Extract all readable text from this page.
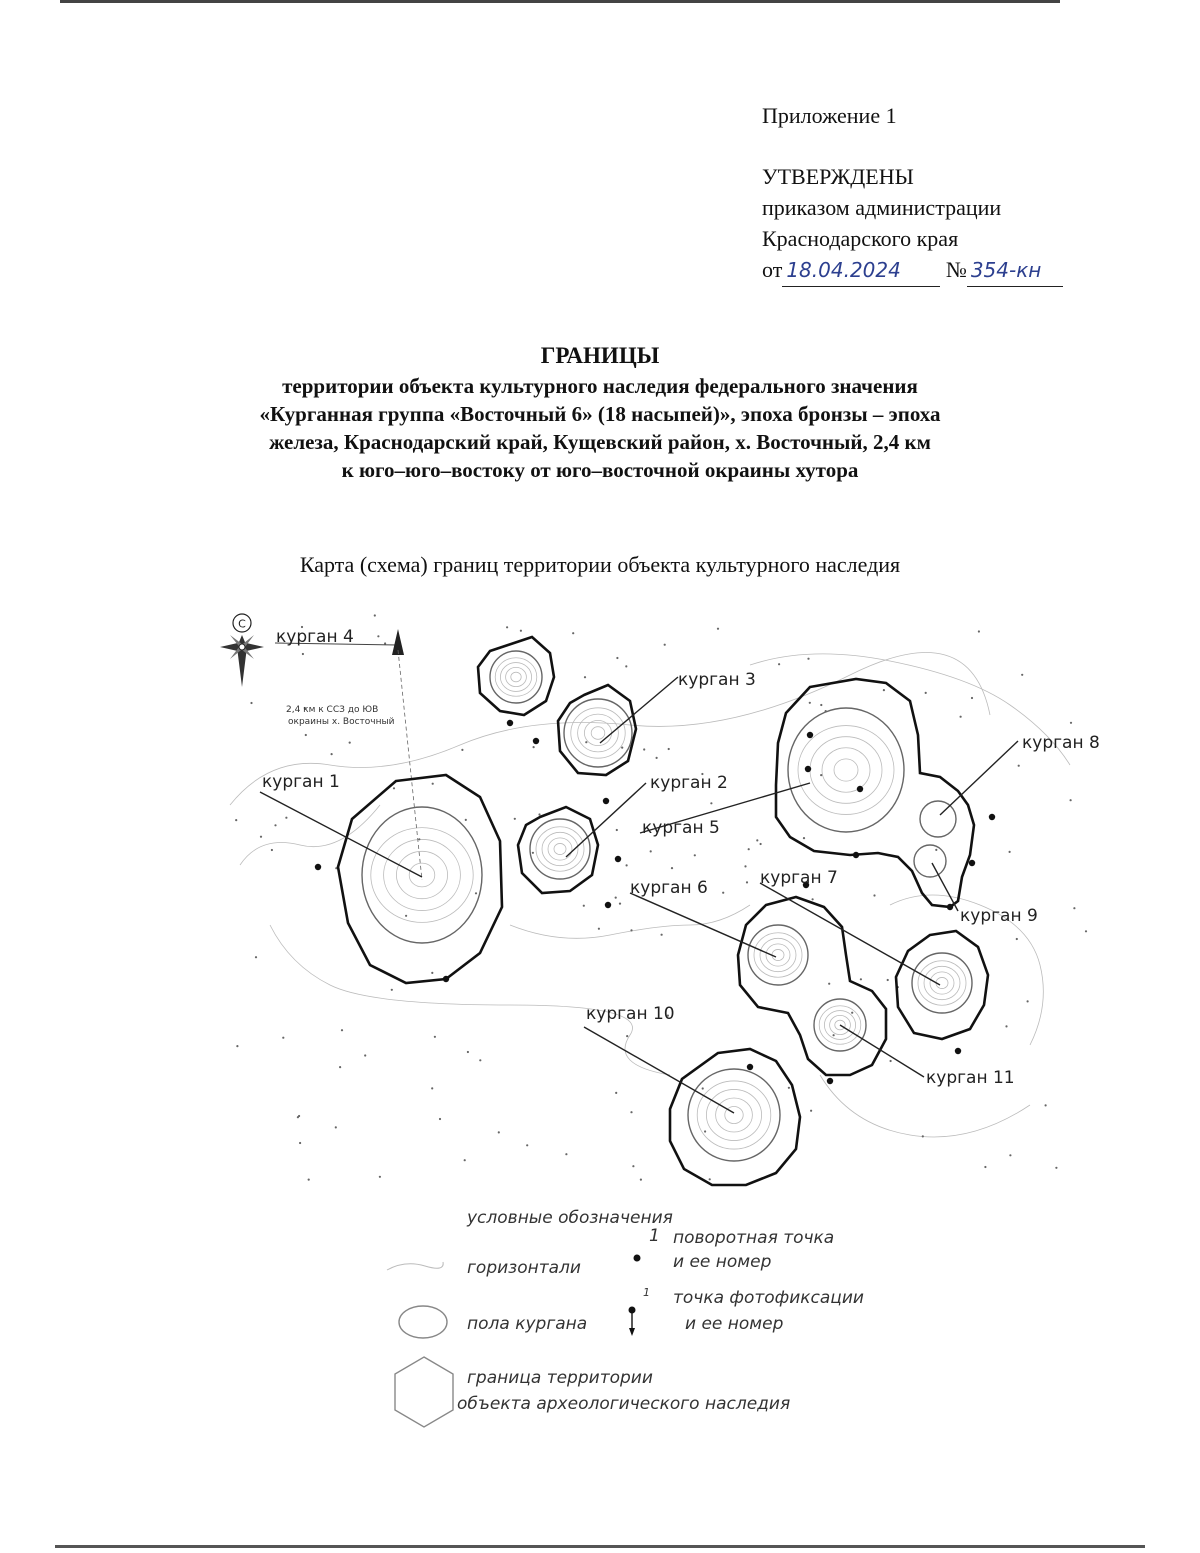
Приложение 1
УТВЕРЖДЕНЫ
приказом администрации
Краснодарского края
от 18.04.2024 № 354-кн
ГРАНИЦЫ
территории объекта культурного наследия федерального значения
«Курганная группа «Восточный 6» (18 насыпей)», эпоха бронзы – эпоха
железа, Краснодарский край, Кущевский район, х. Восточный, 2,4 км
к юго–юго–востоку от юго–восточной окраины хутора
Карта (схема) границ территории объекта культурного наследия
С
2,4 км к ССЗ до ЮВ
окраины х. Восточный
курган 4
курган 3
курган 1	курган 2
курган 8
курган 5
курган 6	курган 7
курган 9
курган 10
курган 11
условные обозначения
горизонтали
1 поворотная точка
и ее номер
1 точка фотофиксации
и ее номер
пола кургана
граница территории
объекта археологического наследия
